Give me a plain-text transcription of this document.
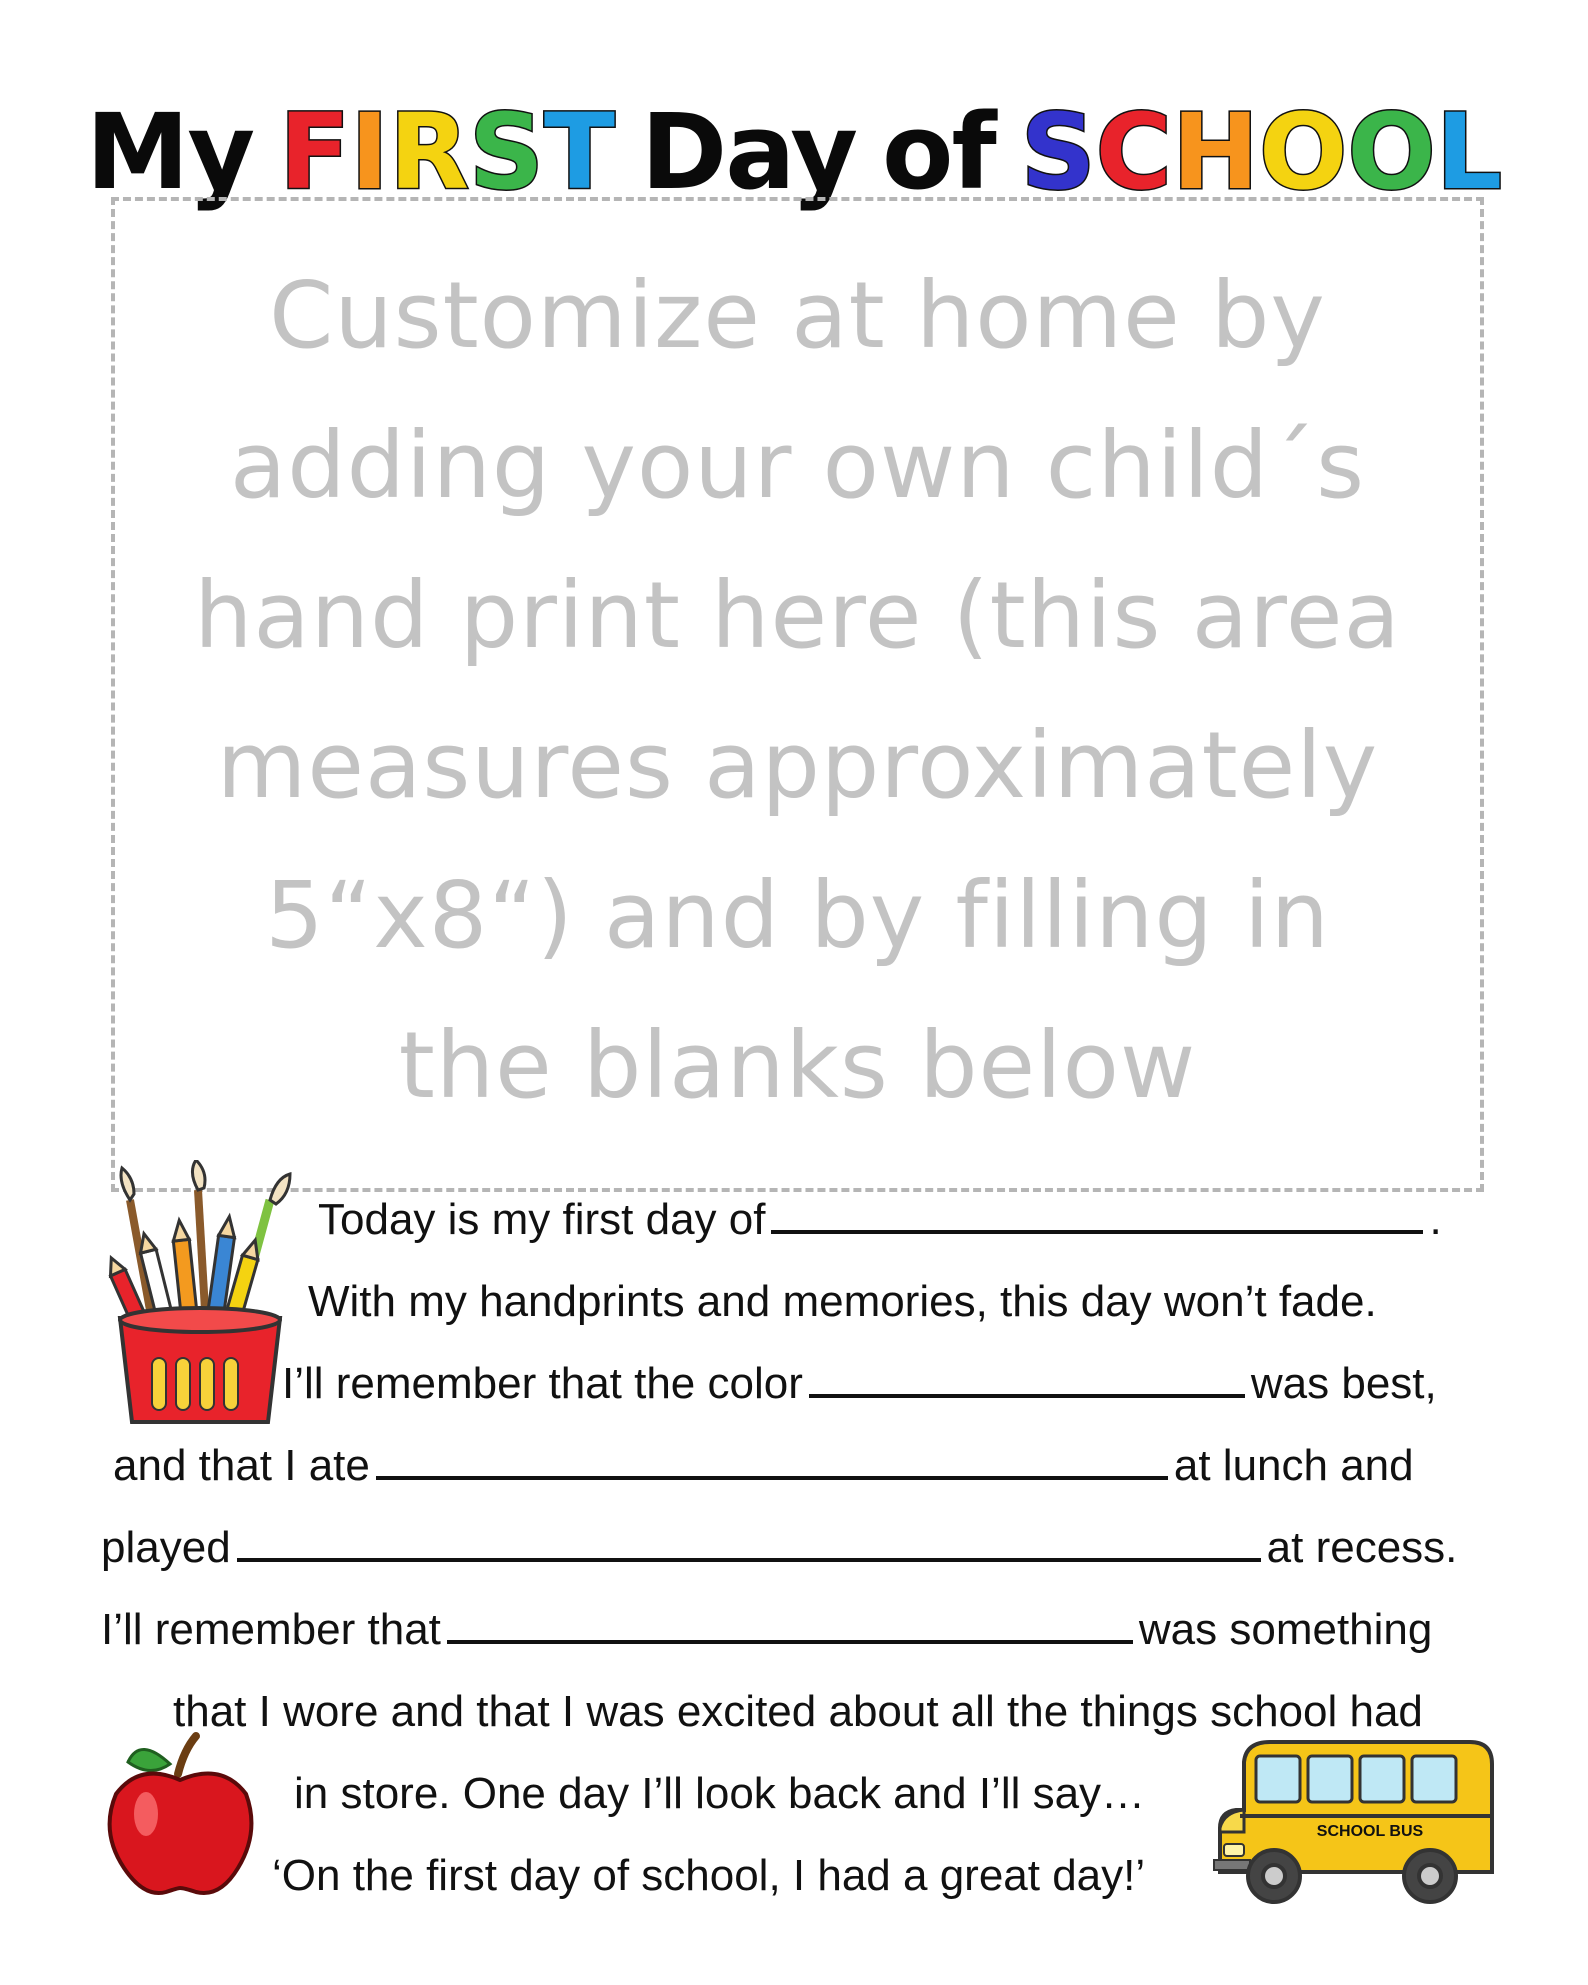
My FIRST Day of SCHOOL
Customize at home by
adding your own child´s
hand print here (this area
measures approximately
5“x8“) and by filling in
the blanks below
Today is my first day of	.
With my handprints and memories, this day won’t fade.
I’ll remember that the color	was best,
and that I ate	at lunch and
played	at recess.
I’ll remember that	was something
that I wore and that I was excited about all the things school had
in store. One day I’ll look back and I’ll say…
‘On the first day of school, I had a great day!’
SCHOOL BUS
